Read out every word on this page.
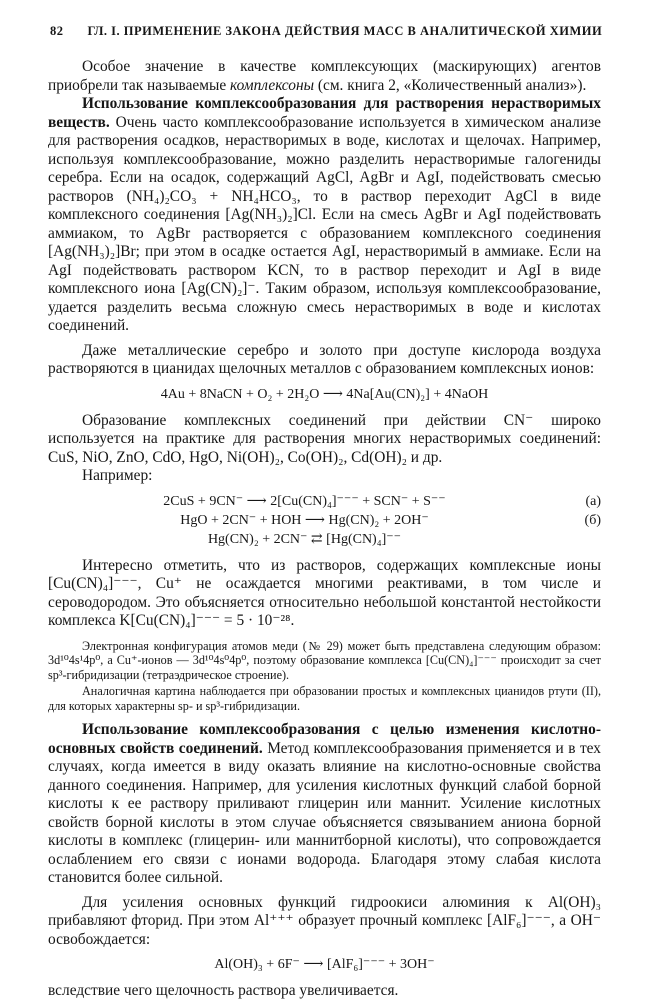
82 ГЛ. I. ПРИМЕНЕНИЕ ЗАКОНА ДЕЙСТВИЯ МАСС В АНАЛИТИЧЕСКОЙ ХИМИИ

Особое значение в качестве комплексующих (маскирующих) агентов приобрели так называемые комплексоны (см. книга 2, «Количественный анализ»).

Использование комплексообразования для растворения нерастворимых веществ. Очень часто комплексообразование используется в химическом анализе для растворения осадков, нерастворимых в воде, кислотах и щелочах. Например, используя комплексообразование, можно разделить нерастворимые галогениды серебра. Если на осадок, содержащий AgCl, AgBr и AgI, подействовать смесью растворов (NH₄)₂CO₃ + NH₄HCO₃, то в раствор переходит AgCl в виде комплексного соединения [Ag(NH₃)₂]Cl. Если на смесь AgBr и AgI подействовать аммиаком, то AgBr растворяется с образованием комплексного соединения [Ag(NH₃)₂]Br; при этом в осадке остается AgI, нерастворимый в аммиаке. Если на AgI подействовать раствором KCN, то в раствор переходит и AgI в виде комплексного иона [Ag(CN)₂]⁻. Таким образом, используя комплексообразование, удается разделить весьма сложную смесь нерастворимых в воде и кислотах соединений.

Даже металлические серебро и золото при доступе кислорода воздуха растворяются в цианидах щелочных металлов с образованием комплексных ионов:

4Au + 8NaCN + O₂ + 2H₂O ⟶ 4Na[Au(CN)₂] + 4NaOH

Образование комплексных соединений при действии CN⁻ широко используется на практике для растворения многих нерастворимых соединений: CuS, NiO, ZnO, CdO, HgO, Ni(OH)₂, Co(OH)₂, Cd(OH)₂ и др.

Например:

2CuS + 9CN⁻ ⟶ 2[Cu(CN)₄]⁻⁻⁻ + SCN⁻ + S⁻⁻	(а)
HgO + 2CN⁻ + HOH ⟶ Hg(CN)₂ + 2OH⁻	(б)
Hg(CN)₂ + 2CN⁻ ⇄ [Hg(CN)₄]⁻⁻

Интересно отметить, что из растворов, содержащих комплексные ионы [Cu(CN)₄]⁻⁻⁻, Cu⁺ не осаждается многими реактивами, в том числе и сероводородом. Это объясняется относительно небольшой константой нестойкости комплекса K[Cu(CN)₄]⁻⁻⁻ = 5 · 10⁻²⁸.

Электронная конфигурация атомов меди (№ 29) может быть представлена следующим образом: 3d¹⁰4s¹4p⁰, а Cu⁺-ионов — 3d¹⁰4s⁰4p⁰, поэтому образование комплекса [Cu(CN)₄]⁻⁻⁻ происходит за счет sp³-гибридизации (тетраэдрическое строение).

Аналогичная картина наблюдается при образовании простых и комплексных цианидов ртути (II), для которых характерны sp- и sp³-гибридизации.

Использование комплексообразования с целью изменения кислотно-основных свойств соединений. Метод комплексообразования применяется и в тех случаях, когда имеется в виду оказать влияние на кислотно-основные свойства данного соединения. Например, для усиления кислотных функций слабой борной кислоты к ее раствору приливают глицерин или маннит. Усиление кислотных свойств борной кислоты в этом случае объясняется связыванием аниона борной кислоты в комплекс (глицерин- или маннитборной кислоты), что сопровождается ослаблением его связи с ионами водорода. Благодаря этому слабая кислота становится более сильной.

Для усиления основных функций гидроокиси алюминия к Al(OH)₃ прибавляют фторид. При этом Al⁺⁺⁺ образует прочный комплекс [AlF₆]⁻⁻⁻, а OH⁻ освобождается:

Al(OH)₃ + 6F⁻ ⟶ [AlF₆]⁻⁻⁻ + 3OH⁻

вследствие чего щелочность раствора увеличивается.
